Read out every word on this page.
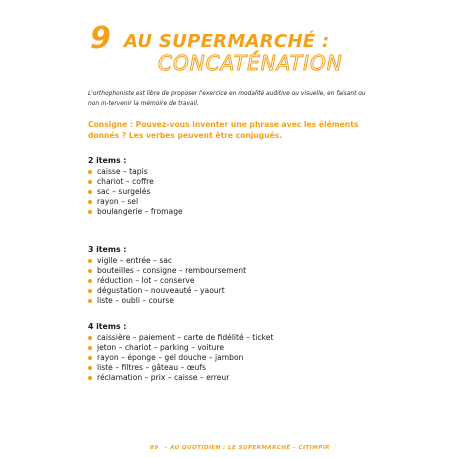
9 AU SUPERMARCHÉ :
CONCATÉNATION

L'orthophoniste est libre de proposer l'exercice en modalité auditive ou visuelle, en faisant ou non in-tervenir la mémoire de travail.

Consigne : Pouvez-vous inventer une phrase avec les éléments donnés ? Les verbes peuvent être conjugués.

2 items :
caisse – tapis
chariot – coffre
sac – surgelés
rayon – sel
boulangerie – fromage
3 items :
vigile – entrée – sac
bouteilles – consigne – remboursement
réduction – lot – conserve
dégustation – nouveauté – yaourt
liste – oubli – course
4 items :
caissière – paiement – carte de fidélité – ticket
jeton – chariot – parking – voiture
rayon – éponge – gel douche – jambon
liste – filtres – gâteau – œufs
réclamation – prix – caisse – erreur
89 – AU QUOTIDIEN : LE SUPERMARCHÉ – CITIMPIR
